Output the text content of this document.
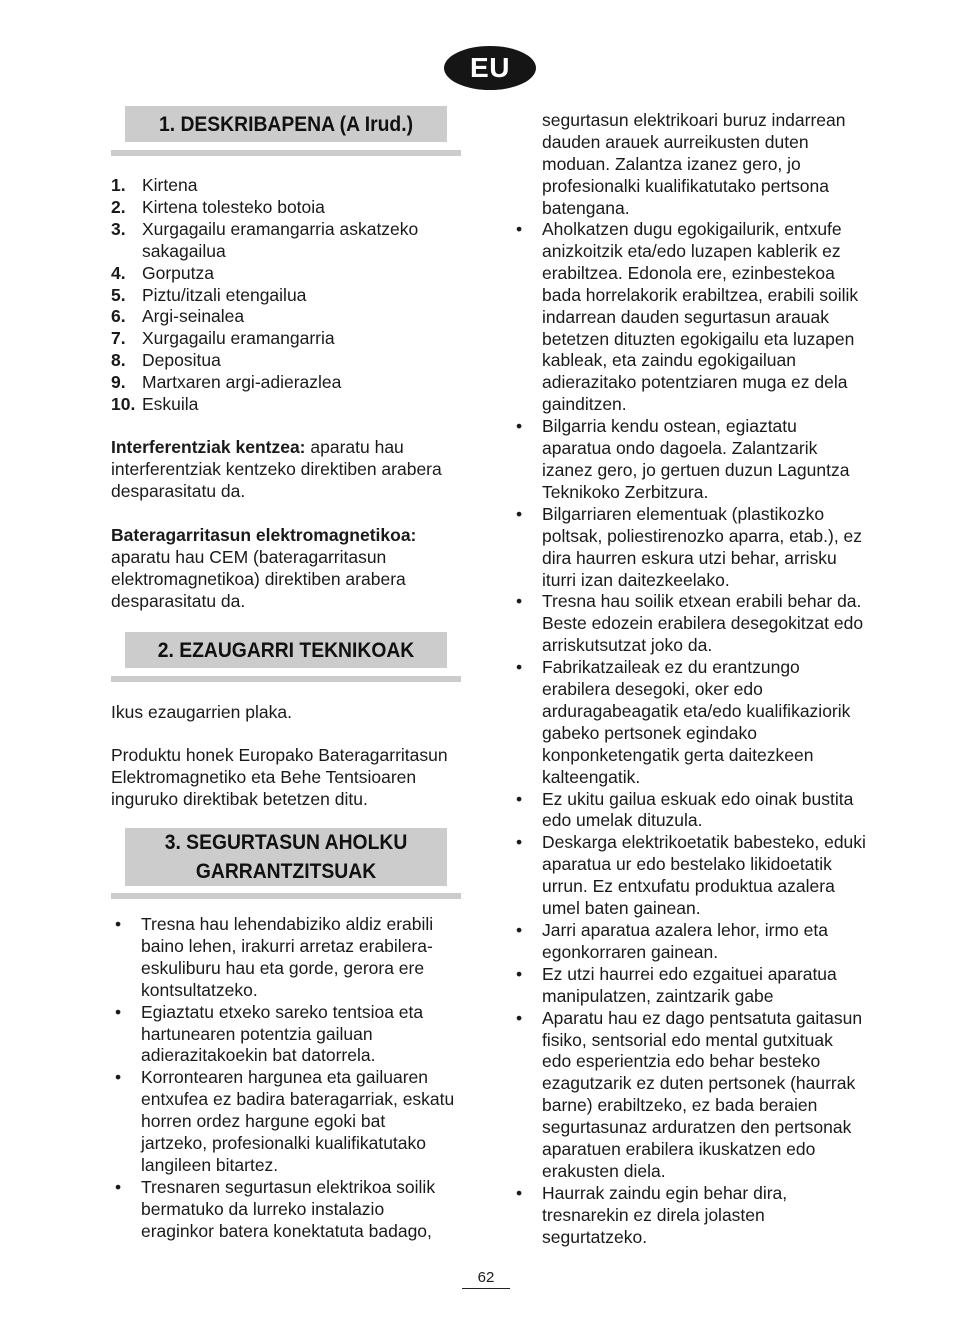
EU
1. DESKRIBAPENA (A Irud.)
1. Kirtena
2. Kirtena tolesteko botoia
3. Xurgagailu eramangarria askatzeko sakagailua
4. Gorputza
5. Piztu/itzali etengailua
6. Argi-seinalea
7. Xurgagailu eramangarria
8. Depositua
9. Martxaren argi-adierazlea
10. Eskuila

Interferentziak kentzea: aparatu hau interferentziak kentzeko direktiben arabera desparasitatu da.

Bateragarritasun elektromagnetikoa:
aparatu hau CEM (bateragarritasun elektromagnetikoa) direktiben arabera desparasitatu da.

2. EZAUGARRI TEKNIKOAK

Ikus ezaugarrien plaka.

Produktu honek Europako Bateragarritasun Elektromagnetiko eta Behe Tentsioaren inguruko direktibak betetzen ditu.

3. SEGURTASUN AHOLKU
GARRANTZITSUAK
•	Tresna hau lehendabiziko aldiz erabili baino lehen, irakurri arretaz erabilera-eskuliburu hau eta gorde, gerora ere kontsultatzeko.
•	Egiaztatu etxeko sareko tentsioa eta hartunearen potentzia gailuan adierazitakoekin bat datorrela.
•	Korrontearen hargunea eta gailuaren entxufea ez badira bateragarriak, eskatu horren ordez hargune egoki bat jartzeko, profesionalki kualifikatutako langileen bitartez.
•	Tresnaren segurtasun elektrikoa soilik bermatuko da lurreko instalazio eraginkor batera konektatuta badago,

segurtasun elektrikoari buruz indarrean dauden arauek aurreikusten duten moduan. Zalantza izanez gero, jo profesionalki kualifikatutako pertsona batengana.

•	Aholkatzen dugu egokigailurik, entxufe anizkoitzik eta/edo luzapen kablerik ez erabiltzea. Edonola ere, ezinbestekoa bada horrelakorik erabiltzea, erabili soilik indarrean dauden segurtasun arauak betetzen dituzten egokigailu eta luzapen kableak, eta zaindu egokigailuan adierazitako potentziaren muga ez dela gainditzen.
•	Bilgarria kendu ostean, egiaztatu aparatua ondo dagoela. Zalantzarik izanez gero, jo gertuen duzun Laguntza Teknikoko Zerbitzura.
•	Bilgarriaren elementuak (plastikozko poltsak, poliestirenozko aparra, etab.), ez dira haurren eskura utzi behar, arrisku iturri izan daitezkeelako.
•	Tresna hau soilik etxean erabili behar da. Beste edozein erabilera desegokitzat edo arriskutsutzat joko da.
•	Fabrikatzaileak ez du erantzungo erabilera desegoki, oker edo arduragabeagatik eta/edo kualifikaziorik gabeko pertsonek egindako konponketengatik gerta daitezkeen kalteengatik.
•	Ez ukitu gailua eskuak edo oinak bustita edo umelak dituzula.
•	Deskarga elektrikoetatik babesteko, eduki aparatua ur edo bestelako likidoetatik urrun. Ez entxufatu produktua azalera umel baten gainean.
•	Jarri aparatua azalera lehor, irmo eta egonkorraren gainean.
•	Ez utzi haurrei edo ezgaituei aparatua manipulatzen, zaintzarik gabe
•	Aparatu hau ez dago pentsatuta gaitasun fisiko, sentsorial edo mental gutxituak edo esperientzia edo behar besteko ezagutzarik ez duten pertsonek (haurrak barne) erabiltzeko, ez bada beraien segurtasunaz arduratzen den pertsonak aparatuen erabilera ikuskatzen edo erakusten diela.
•	Haurrak zaindu egin behar dira, tresnarekin ez direla jolasten segurtatzeko.
62
